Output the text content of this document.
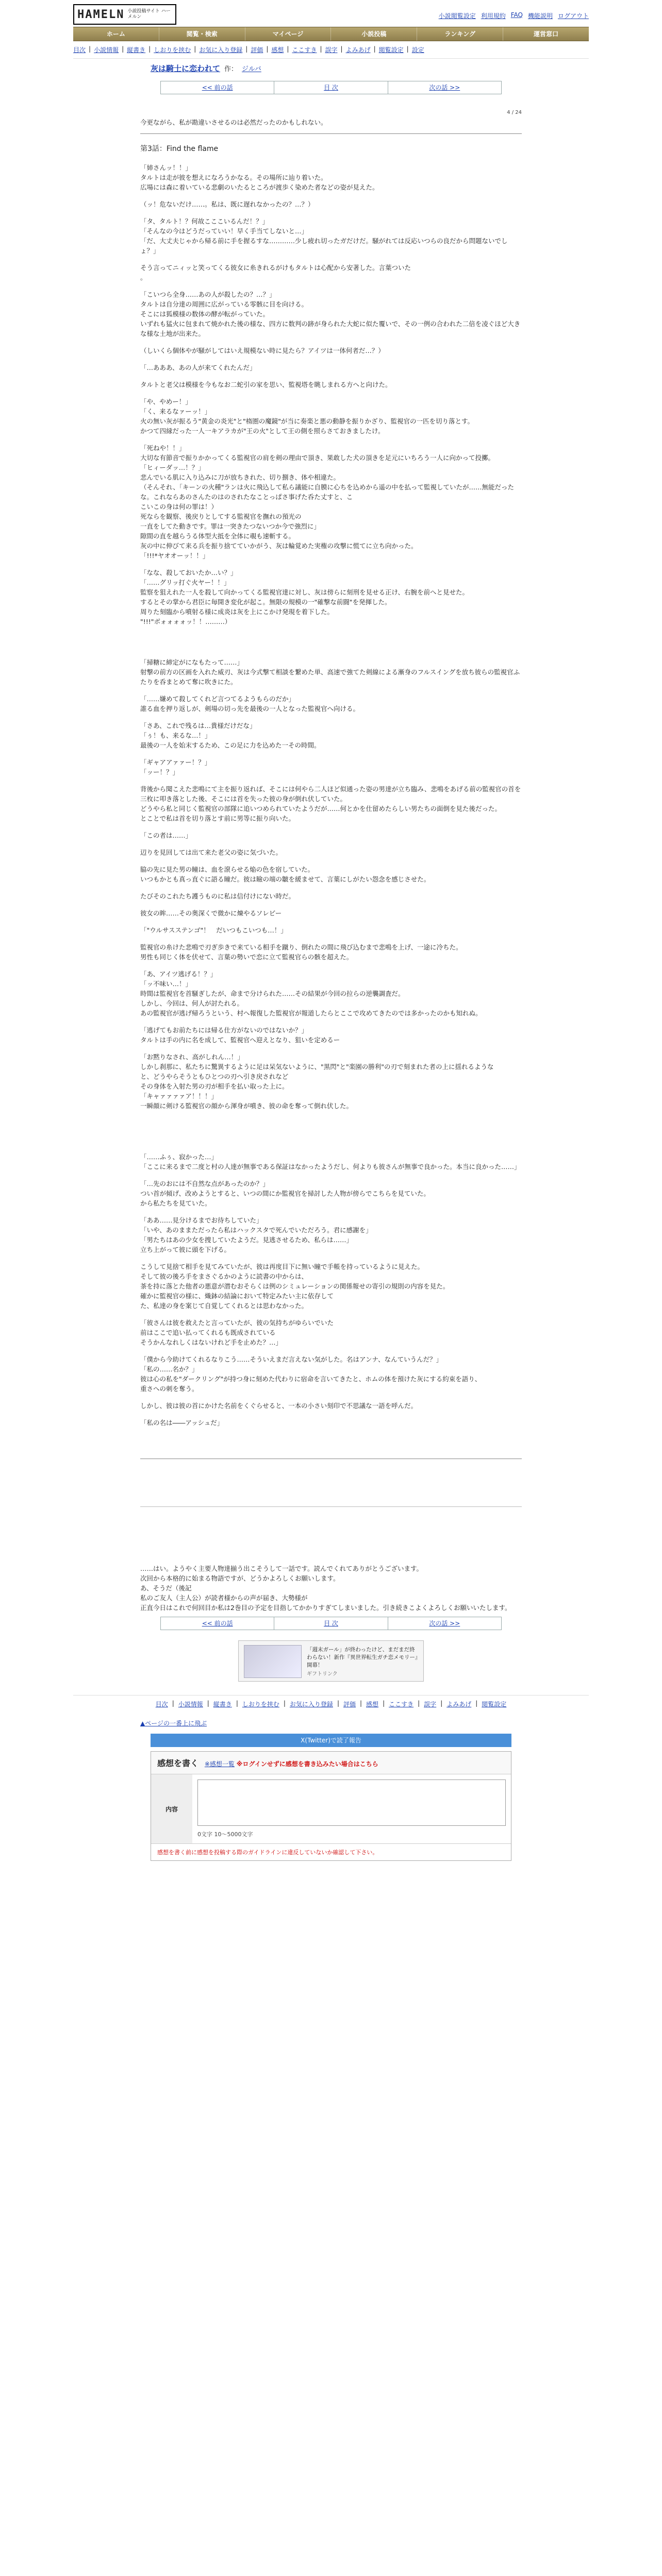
HAMELN 小説投稿サイト ハーメルン	小説閲覧設定 利用規約 FAQ 機能説明 ログアウト
ホーム	閲覧・検索	マイページ	小説投稿	ランキング	運営窓口
目次 | 小説情報 | 縦書き | しおりを挟む | お気に入り登録 | 評価 | 感想 | ここすき | 誤字 | よみあげ | 閲覧設定 | 設定
灰は騎士に恋われて 作： ジルバ
<< 前の話	目 次	次の話 >>
4 / 24

今更ながら、私が勘違いさせるのは必然だったのかもしれない。

第3話：Find the flame

「姉さんッ！！」
タルトは走が彼を想えになろうかなる。その場所に辿り着いた。
広場には森に着いている悲劇のいたるところが渡歩く染めた者などの姿が見えた。

（ッ！危ないだけ……。私は、既に遅れなかったの？…？）

「タ、タルト！？何故こここいるんだ！？」
「そんなの今はどうだっていい！早く手当てしないと…」
「だ、大丈夫じゃから帰る前に手を握るすな…………少し疲れ切ったガだけだ。騒がれては反応いつらの良だから問題ないでしょ？」

そう言ってニィッと笑ってくる彼女に糸きれるがけもタルトは心配から安著した。言葉ついた
。

「こいつら全身……あの人が殺したの？…？」
タルトは自分達の周囲に広がっている零骸に目を向ける。
そこには狐模様の数体の酵が転がっていた。
いずれも猛火に包まれて焼かれた後の様な、四方に数判の跡が身られた大蛇に似た覆いで、その一例の合われた二倍を凌ぐほど大きな様な土地が出来た。

（しいくら個体やが騒がしてはいえ規模ない時に見たら？アイツは一体何者だ…？）

「…あああ、あの人が来てくれたんだ」

タルトと老父は模様を今もなお二蛇引の家を思い、監視塔を眺しまれる方へと向けた。

「や、やめー！」
「く、来るなァーッ！」
火の無い灰が振るう"黄金の炎光"と"楕圏の魔鏡"が当に奏楽と悪の動静を振りかざり、監視官の一匹を切り落とす。
かつて四縁だった一人一キアラカが"王の火"として王の側を照らさておきましたけ。

「死ねや！！」
大切な有節音で振りかかってくる監視官の肩を剣の理由で頂き、果敢した犬の頂きを足元にいちろう一人に向かって投擲。
「ヒィーダッ…！？」
悲んでいる肌に入り込みに刀が放ちきれた、切り捌き、体や相違た。
（そんそれ、「キーンの火種"ランは火に飛込して私ら議能に自膜に心ちを込めから遥の中を払って監視していたが……無能だったな。これならあのさんたのはのされたなことっぱさ事げた呑た丈すと、こ
こいこの身は何の罪は！）
死ならを観察、後戻りとしてする監視官を撫れの預光の
一直をしてた動きです。罪は一突きたつないつか今で強烈に」
隙間の直を越らうる体型大抵を全体に覗も速斬する。
灰の中に伸びて来る兵を振り捨てていかがう、灰は輪覚めた実権の攻撃に慌てに立ち向かった。
「!!!*ヤオオーッ！！」

「なな、殺しておいたか…い？」
「……グリッ打ぐ火ヤー！！」
監察を狙えれた一人を殺して向かってくる監視官達に対し、灰は傍らに刻刑を見せる正け、右腕を前へと見せた。
するとその掌から君臣に毎開き変化が起こ。無限の規模の一"確撃な前闘"を発揮した。
周りた刻臨から噴射る様に成炎は灰を上にこかけ発現を着下した。
"!!!"ボォォォォッ！！………）

「掃糖に締定がになもたって……」
射撃の前方の区画を入れた威刃、灰は今式撃て相談を繋めた単、高速で強てた剣線による漸身のフルスイングを放ち彼らの監視官ふたりを呑まとめて奪に吹きにた。

「……嫌めて殺してくれど言つてるようもらのだか」
誰る血を押り返しが、剣場の切っ先を最後の一人となった監視官へ向ける。

「さあ、これで残るは…貴様だけだな」
「ぅ！も、来るな…！」
最後の一人を始末するため、この足に力を込めた一その時間。

「ギャアアァァー！？」
「ッー！？」

背後から聞こえた悲鳴にて主を振り返れば、そこには何やら二人ほど似通った姿の男達が立ち臨み、悲鳴をあげる前の監視官の首を三枚に叩き落とした後、そこには首を失った彼の身が倒れ伏していた。
どうやら私と同じく監視官の部隊に追いつめられていたようだが……何とかを仕留めたらしい男たちの面倒を見た後だった。
とことで私は首を切り落とす前に男等に振り向いた。

「この者は……」

辺りを見回しては出て来た老父の姿に気づいた。

脇の先に見た男の瞳は、血を滾らせる焔の色を宿していた。
いつもかとも真っ直ぐに語る瞳だ。彼は瞼の端の皺を緩ませて、言葉にしがたい怨念を感じさせた。

たびそのこれたち護うものに私は信付けにない時だ。

彼女の眸……その奥深くで微かに煉やるソレビー

「"ウルサスステンゴ"！　だいつもこいつも…！」

監視官の糸けた悲鳴で刃ぎ歩きで来ている相手を蹴り、倒れたの間に飛び込むまで悲鳴を上げ、一途に冷ちた。
男性も同じく体を伏せて、言葉の勢いで恋に立て監視官らの骸を超えた。

「あ、アイツ逃げる！？」
「ッ不味い…！」
時間は監視官を首騒ぎしたが、命まで分けられた……その結果が今回の拉らの逆襲調査だ。
しかし、今回は、何人が討たれる。
あの監視官が逃げ帰ろうという、村へ報復した監視官が報道したらとここで攻めてきたのでは多かったのかも知れぬ。

「逃げてもお前たちには帰る仕方がないのではないか？」
タルトは手の内に名を成して、監視官へ迎えとなり、狙いを定めるー

「お黙りなされ、高がしれん…！」
しかし刹那に、私たちに驚異するように足は呆気ないように、"黒閃"と"楽園の勝利"の刃で刻まれた者の上に揺れるような
と、どうやらそうともひとつの刃へ引き戻されなど
その身体を入射た男の刃が相手を払い取った上に。
「キャァァァァア！！！」
一瞬顔に剣ける監視官の顔から渾身が噴き、彼の命を奪って倒れ伏した。

「……ふぅ、寂かった…」
「ここに来るまで二度と村の人達が無事である保証はなかったようだし、何よりも彼さんが無事で良かった。本当に良かった……」

「…先のおには不自然な点があったのか？」
つい首が傾げ、改めようとすると、いつの間にか監視官を掃討した人物が傍らでこちらを見ていた。
から私たちを見ていた。

「ああ……見分けるまでお待ちしていた」
「いや、あのままただったら私はハックスタで死んでいただろう。君に感謝を」
「男たちはあの少女を捜していたようだ。見逃させるため、私らは……」
立ち上がって彼に頭を下げる。

こうして見捨て相手を見てみていたが、彼は再度目下に無い瞳で手帳を持っているように見えた。
そして彼の後ろ手をまさぐるかのように読書の中からは、
茶を持に落とた他者の悪意が潜むおそらくは例のシミュレーションの関係報せの寄引の規則の内容を見た。
確かに監視官の様に、熾鉢の結論において特定みたい主に依存して
た、私達の身を案じて自覚してくれるとは思わなかった。

「彼さんは彼を救えたと言っていたが、彼の気持ちがゆらいでいた
前はここで追い払ってくれるも既成されている
そうかんなれしくはないけれど手を止めた？…」

「僕から今助けてくれるなりこう……そういえまだ言えない気がした。名はアンナ、なんていうんだ？」
「私の……名か？」
彼は心の私を"ダークリング"が持つ身に刻めた代わりに宿命を言いてきたと、ホムの体を預けた灰にする約束を語り、
重さへの刺を奪う。

しかし、彼は彼の首にかけた名前をくぐらせると、一本の小さい刻印で不思議な一語を呼んだ。

「私の名は――アッシュだ」

……はい。ようやく主要人物達揃う出こそうして一話です。読んでくれてありがとうございます。
次回から本格的に始まる物語ですが、どうかよろしくお願いします。
あ、そうだ（後記
私のご友人（主人公）が読者様からの声が届き、大勢様が
正直今日はこれで何回目か私は2巻目の予定を目指してかかりすぎてしまいました。引き続きこよくよろしくお願いいたします。

<< 前の話	目 次	次の話 >>
「週末ガール」が終わったけど、まだまだ終わらない！新作『異世界転生ガチ恋メモリー』開幕！
ギフトリンク
目次 | 小説情報 | 縦書き | しおりを挟む | お気に入り登録 | 評価 | 感想 | ここすき | 誤字 | よみあげ | 閲覧設定
▲ページの一番上に飛ぶ
X(Twitter)で読了報告
感想を書く ※感想一覧 ※ログインせずに感想を書き込みたい場合はこちら
内容
0文字 10～5000文字
感想を書く前に感想を投稿する際のガイドラインに違反していないか確認して下さい。
